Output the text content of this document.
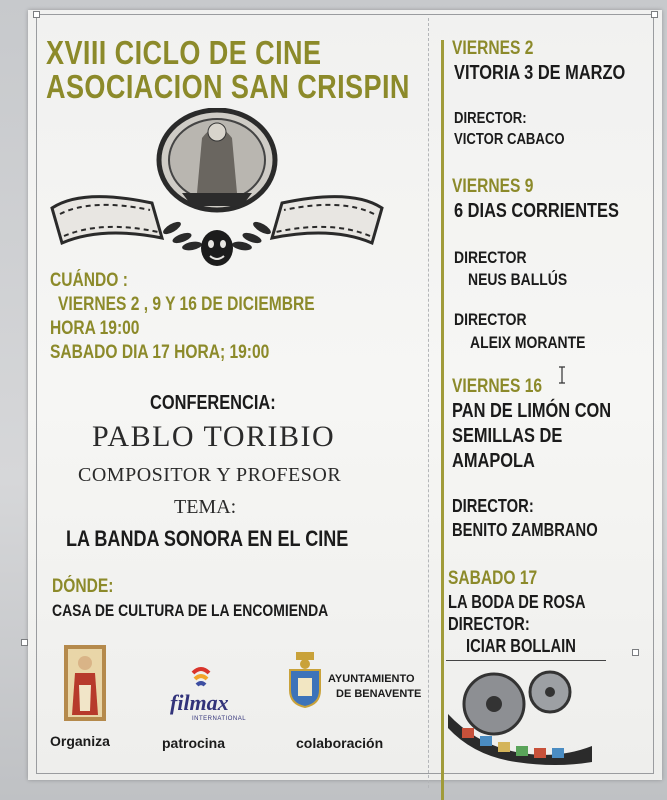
XVIII CICLO DE CINE
ASOCIACION SAN CRISPIN
CUÁNDO :
VIERNES 2 , 9 Y 16 DE DICIEMBRE
HORA 19:00
SABADO DIA 17 HORA; 19:00
CONFERENCIA:
PABLO TORIBIO
COMPOSITOR Y PROFESOR
TEMA:
LA BANDA SONORA EN EL CINE
DÓNDE:
CASA DE CULTURA DE LA ENCOMIENDA
filmax
INTERNATIONAL
AYUNTAMIENTO
DE BENAVENTE
Organiza	patrocina	colaboración
VIERNES 2
VITORIA 3 DE MARZO
DIRECTOR:
VICTOR CABACO
VIERNES 9
6 DIAS CORRIENTES
DIRECTOR
NEUS BALLÚS
DIRECTOR
ALEIX MORANTE
VIERNES 16
PAN DE LIMÓN CON
SEMILLAS DE
AMAPOLA
DIRECTOR:
BENITO ZAMBRANO
SABADO 17
LA BODA DE ROSA
DIRECTOR:
ICIAR BOLLAIN
